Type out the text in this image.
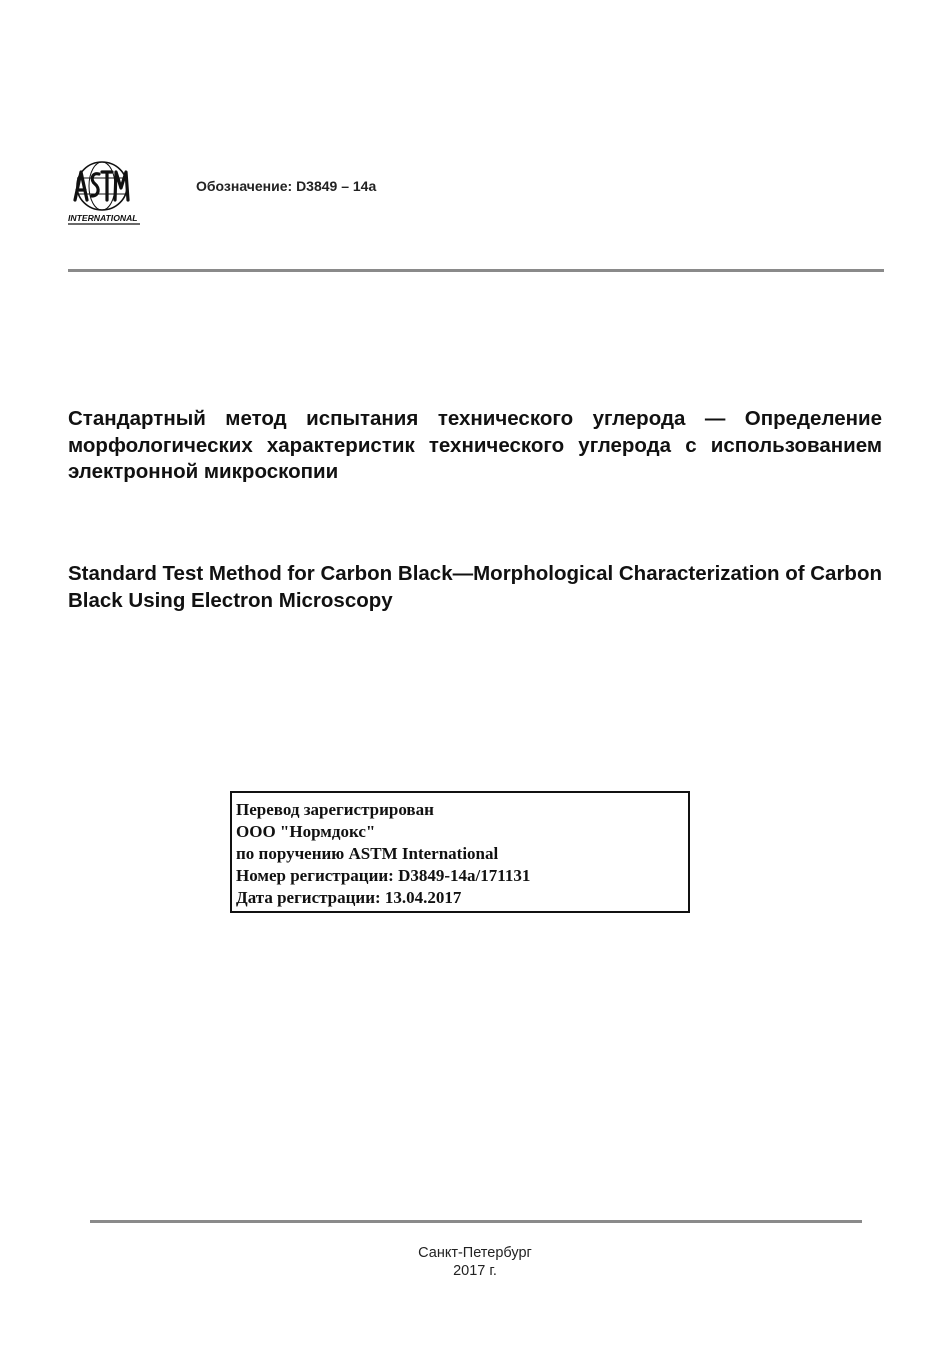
INTERNATIONAL
Обозначение: D3849 – 14a
Стандартный метод испытания технического углерода — Определение морфологических характеристик технического углерода с использованием электронной микроскопии
Standard Test Method for Carbon Black—Morphological Characterization of Carbon Black Using Electron Microscopy
Перевод зарегистрирован
ООО "Нормдокс"
по поручению ASTM International
Номер регистрации: D3849-14a/171131
Дата регистрации: 13.04.2017
Санкт-Петербург
2017 г.
